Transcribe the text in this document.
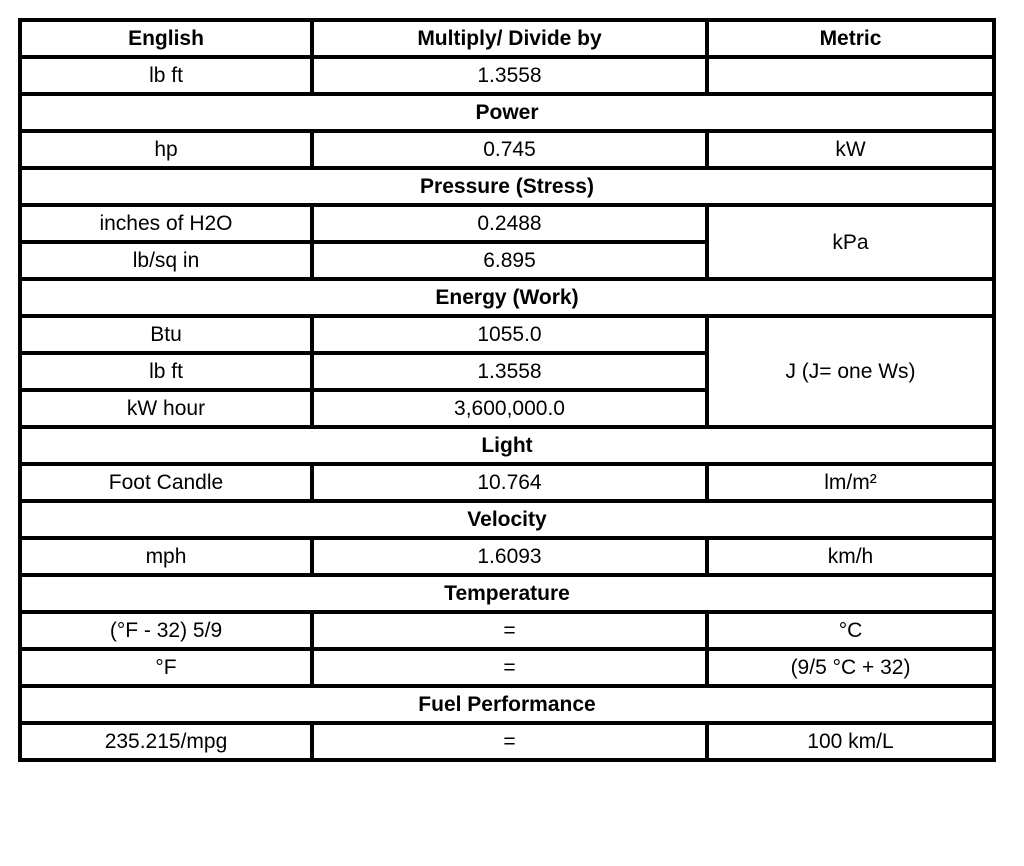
English	Multiply/ Divide by	Metric
lb ft	1.3558	
Power		
hp	0.745	kW
Pressure (Stress)		
inches of H2O	0.2488	kPa
lb/sq in	6.895	
Energy (Work)		
Btu	1055.0	J (J= one Ws)
lb ft	1.3558	
kW hour	3,600,000.0	
Light		
Foot Candle	10.764	lm/m²
Velocity		
mph	1.6093	km/h
Temperature		
(°F - 32) 5/9	=	°C
°F	=	(9/5 °C + 32)
Fuel Performance		
235.215/mpg	=	100 km/L
